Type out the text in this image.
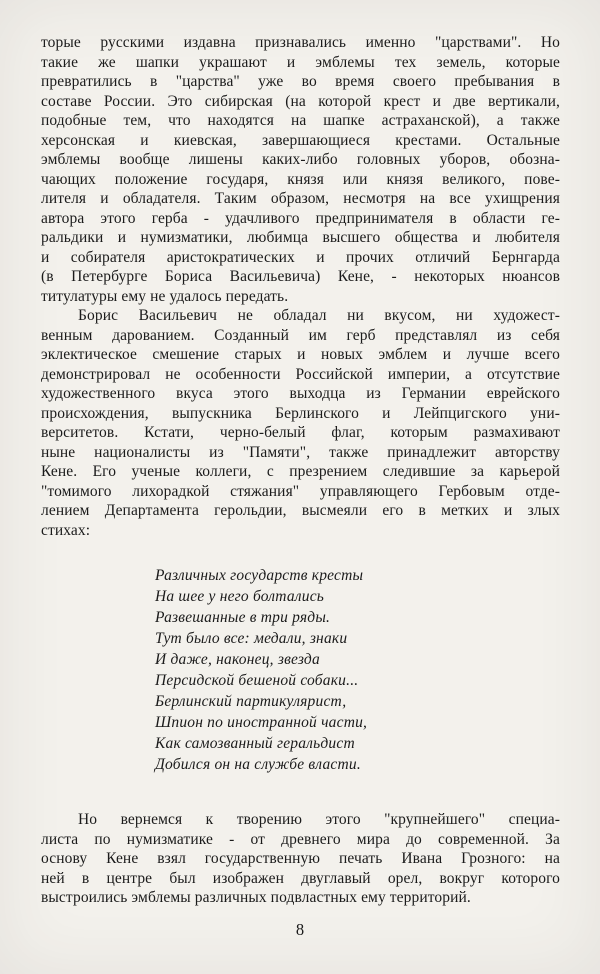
торые русскими издавна признавались именно "царствами". Но
такие же шапки украшают и эмблемы тех земель, которые
превратились в "царства" уже во время своего пребывания в
составе России. Это сибирская (на которой крест и две вертикали,
подобные тем, что находятся на шапке астраханской), а также
херсонская и киевская, завершающиеся крестами. Остальные
эмблемы вообще лишены каких-либо головных уборов, обозна-
чающих положение государя, князя или князя великого, пове-
лителя и обладателя. Таким образом, несмотря на все ухищрения
автора этого герба - удачливого предпринимателя в области ге-
ральдики и нумизматики, любимца высшего общества и любителя
и собирателя аристократических и прочих отличий Бернгарда
(в Петербурге Бориса Васильевича) Кене, - некоторых нюансов
титулатуры ему не удалось передать.
Борис Васильевич не обладал ни вкусом, ни художест-
венным дарованием. Созданный им герб представлял из себя
эклектическое смешение старых и новых эмблем и лучше всего
демонстрировал не особенности Российской империи, а отсутствие
художественного вкуса этого выходца из Германии еврейского
происхождения, выпускника Берлинского и Лейпцигского уни-
верситетов. Кстати, черно-белый флаг, которым размахивают
ныне националисты из "Памяти", также принадлежит авторству
Кене. Его ученые коллеги, с презрением следившие за карьерой
"томимого лихорадкой стяжания" управляющего Гербовым отде-
лением Департамента герольдии, высмеяли его в метких и злых
стихах:
Различных государств кресты
На шее у него болтались
Развешанные в три ряды.
Тут было все: медали, знаки
И даже, наконец, звезда
Персидской бешеной собаки...
Берлинский партикулярист,
Шпион по иностранной части,
Как самозванный геральдист
Добился он на службе власти.
Но вернемся к творению этого "крупнейшего" специа-
листа по нумизматике - от древнего мира до современной. За
основу Кене взял государственную печать Ивана Грозного: на
ней в центре был изображен двуглавый орел, вокруг которого
выстроились эмблемы различных подвластных ему территорий.
8
